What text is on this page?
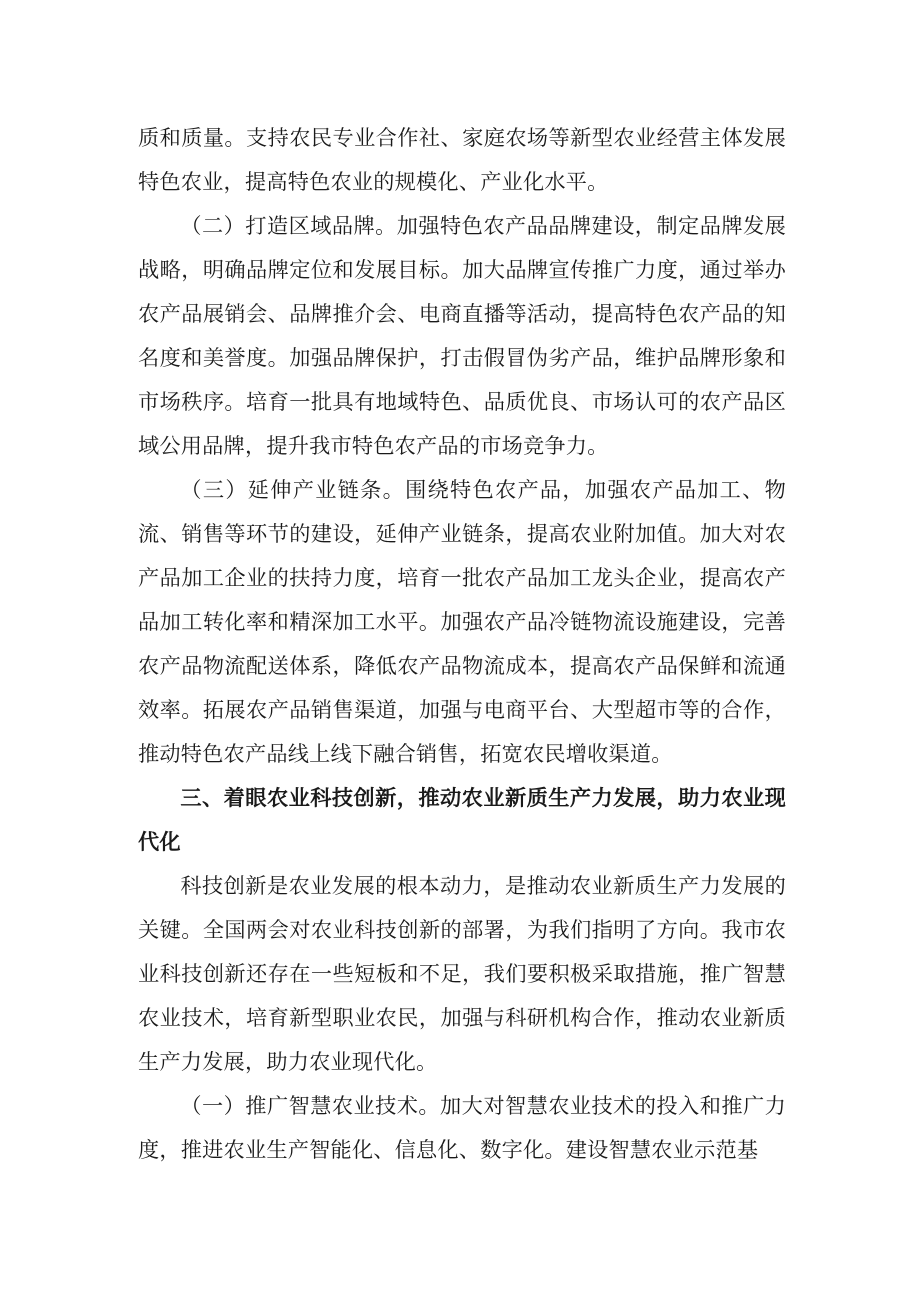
质和质量。支持农民专业合作社、家庭农场等新型农业经营主体发展特色农业，提高特色农业的规模化、产业化水平。

（二）打造区域品牌。加强特色农产品品牌建设，制定品牌发展战略，明确品牌定位和发展目标。加大品牌宣传推广力度，通过举办农产品展销会、品牌推介会、电商直播等活动，提高特色农产品的知名度和美誉度。加强品牌保护，打击假冒伪劣产品，维护品牌形象和市场秩序。培育一批具有地域特色、品质优良、市场认可的农产品区域公用品牌，提升我市特色农产品的市场竞争力。

（三）延伸产业链条。围绕特色农产品，加强农产品加工、物流、销售等环节的建设，延伸产业链条，提高农业附加值。加大对农产品加工企业的扶持力度，培育一批农产品加工龙头企业，提高农产品加工转化率和精深加工水平。加强农产品冷链物流设施建设，完善农产品物流配送体系，降低农产品物流成本，提高农产品保鲜和流通效率。拓展农产品销售渠道，加强与电商平台、大型超市等的合作，推动特色农产品线上线下融合销售，拓宽农民增收渠道。

三、着眼农业科技创新，推动农业新质生产力发展，助力农业现代化

科技创新是农业发展的根本动力，是推动农业新质生产力发展的关键。全国两会对农业科技创新的部署，为我们指明了方向。我市农业科技创新还存在一些短板和不足，我们要积极采取措施，推广智慧农业技术，培育新型职业农民，加强与科研机构合作，推动农业新质生产力发展，助力农业现代化。

（一）推广智慧农业技术。加大对智慧农业技术的投入和推广力度，推进农业生产智能化、信息化、数字化。建设智慧农业示范基
